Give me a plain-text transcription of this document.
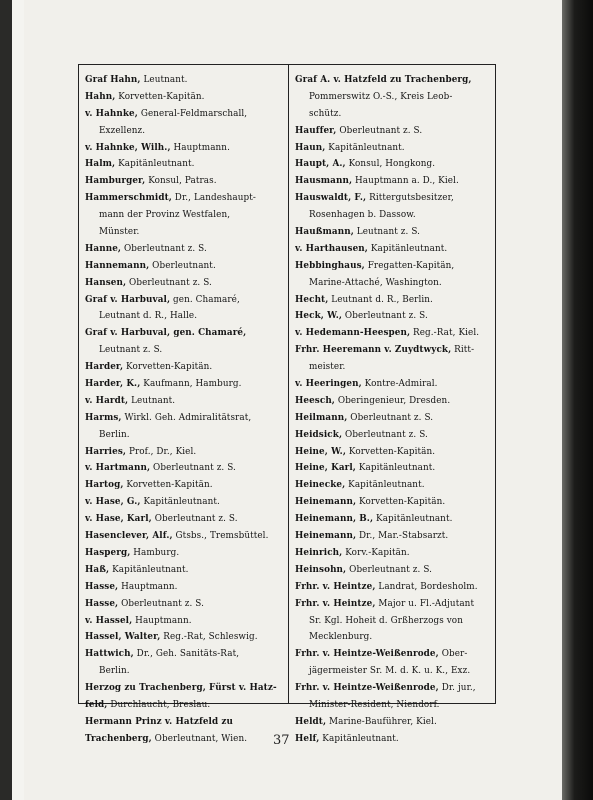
Graf Hahn, Leutnant.
Hahn, Korvetten-Kapitän.
v. Hahnke, General-Feldmarschall,
Exzellenz.
v. Hahnke, Wilh., Hauptmann.
Halm, Kapitänleutnant.
Hamburger, Konsul, Patras.
Hammerschmidt, Dr., Landeshaupt-
mann der Provinz Westfalen,
Münster.
Hanne, Oberleutnant z. S.
Hannemann, Oberleutnant.
Hansen, Oberleutnant z. S.
Graf v. Harbuval, gen. Chamaré,
Leutnant d. R., Halle.
Graf v. Harbuval, gen. Chamaré,
Leutnant z. S.
Harder, Korvetten-Kapitän.
Harder, K., Kaufmann, Hamburg.
v. Hardt, Leutnant.
Harms, Wirkl. Geh. Admiralitätsrat,
Berlin.
Harries, Prof., Dr., Kiel.
v. Hartmann, Oberleutnant z. S.
Hartog, Korvetten-Kapitän.
v. Hase, G., Kapitänleutnant.
v. Hase, Karl, Oberleutnant z. S.
Hasenclever, Alf., Gtsbs., Tremsbüttel.
Hasperg, Hamburg.
Haß, Kapitänleutnant.
Hasse, Hauptmann.
Hasse, Oberleutnant z. S.
v. Hassel, Hauptmann.
Hassel, Walter, Reg.-Rat, Schleswig.
Hattwich, Dr., Geh. Sanitäts-Rat,
Berlin.
Herzog zu Trachenberg, Fürst v. Hatz-
feld, Durchlaucht, Breslau.
Hermann Prinz v. Hatzfeld zu
Trachenberg, Oberleutnant, Wien.
Graf A. v. Hatzfeld zu Trachenberg,
Pommerswitz O.-S., Kreis Leob-
schütz.
Hauffer, Oberleutnant z. S.
Haun, Kapitänleutnant.
Haupt, A., Konsul, Hongkong.
Hausmann, Hauptmann a. D., Kiel.
Hauswaldt, F., Rittergutsbesitzer,
Rosenhagen b. Dassow.
Haußmann, Leutnant z. S.
v. Harthausen, Kapitänleutnant.
Hebbinghaus, Fregatten-Kapitän,
Marine-Attaché, Washington.
Hecht, Leutnant d. R., Berlin.
Heck, W., Oberleutnant z. S.
v. Hedemann-Heespen, Reg.-Rat, Kiel.
Frhr. Heeremann v. Zuydtwyck, Ritt-
meister.
v. Heeringen, Kontre-Admiral.
Heesch, Oberingenieur, Dresden.
Heilmann, Oberleutnant z. S.
Heidsick, Oberleutnant z. S.
Heine, W., Korvetten-Kapitän.
Heine, Karl, Kapitänleutnant.
Heinecke, Kapitänleutnant.
Heinemann, Korvetten-Kapitän.
Heinemann, B., Kapitänleutnant.
Heinemann, Dr., Mar.-Stabsarzt.
Heinrich, Korv.-Kapitän.
Heinsohn, Oberleutnant z. S.
Frhr. v. Heintze, Landrat, Bordesholm.
Frhr. v. Heintze, Major u. Fl.-Adjutant
Sr. Kgl. Hoheit d. Grßherzogs von
Mecklenburg.
Frhr. v. Heintze-Weißenrode, Ober-
jägermeister Sr. M. d. K. u. K., Exz.
Frhr. v. Heintze-Weißenrode, Dr. jur.,
Minister-Resident, Niendorf.
Heldt, Marine-Bauführer, Kiel.
Helf, Kapitänleutnant.
37
